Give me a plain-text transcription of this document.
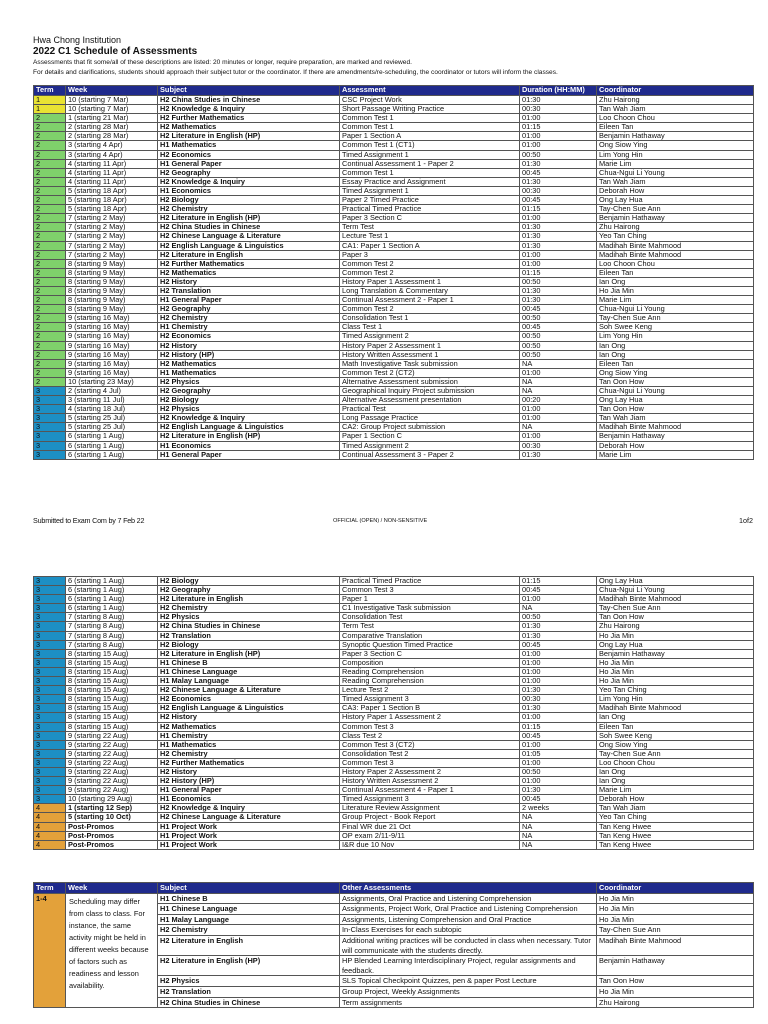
Hwa Chong Institution
2022 C1 Schedule of Assessments
Assessments that fit some/all of these descriptions are listed: 20 minutes or longer, require preparation, are marked and reviewed.
For details and clarifications, students should approach their subject tutor or the coordinator. If there are amendments/re-scheduling, the coordinator or tutors will inform the classes.
Term	Week	Subject	Assessment	Duration (HH:MM)	Coordinator
1	10 (starting 7 Mar)	H2 China Studies in Chinese	CSC Project Work	01:30	Zhu Hairong
1	10 (starting 7 Mar)	H2 Knowledge & Inquiry	Short Passage Writing Practice	00:30	Tan Wah Jiam
2	1 (starting 21 Mar)	H2 Further Mathematics	Common Test 1	01:00	Loo Choon Chou
2	2 (starting 28 Mar)	H2 Mathematics	Common Test 1	01:15	Eileen Tan
2	2 (starting 28 Mar)	H2 Literature in English (HP)	Paper 1 Section A	01:00	Benjamin Hathaway
2	3 (starting 4 Apr)	H1 Mathematics	Common Test 1 (CT1)	01:00	Ong Siow Ying
2	3 (starting 4 Apr)	H2 Economics	Timed Assignment 1	00:50	Lim Yong Hin
2	4 (starting 11 Apr)	H1 General Paper	Continual Assessment 1 - Paper 2	01:30	Marie Lim
2	4 (starting 11 Apr)	H2 Geography	Common Test 1	00:45	Chua-Ngui Li Young
2	4 (starting 11 Apr)	H2 Knowledge & Inquiry	Essay Practice and Assignment	01:30	Tan Wah Jiam
2	5 (starting 18 Apr)	H1 Economics	Timed Assignment 1	00:30	Deborah How
2	5 (starting 18 Apr)	H2 Biology	Paper 2 Timed Practice	00:45	Ong Lay Hua
2	5 (starting 18 Apr)	H2 Chemistry	Practical Timed Practice	01:15	Tay-Chen Sue Ann
2	7 (starting 2 May)	H2 Literature in English (HP)	Paper 3 Section C	01:00	Benjamin Hathaway
2	7 (starting 2 May)	H2 China Studies in Chinese	Term Test	01:30	Zhu Hairong
2	7 (starting 2 May)	H2 Chinese Language & Literature	Lecture Test 1	01:30	Yeo Tan Ching
2	7 (starting 2 May)	H2 English Language & Linguistics	CA1: Paper 1 Section A	01:30	Madihah Binte Mahmood
2	7 (starting 2 May)	H2 Literature in English	Paper 3	01:00	Madihah Binte Mahmood
2	8 (starting 9 May)	H2 Further Mathematics	Common Test 2	01:00	Loo Choon Chou
2	8 (starting 9 May)	H2 Mathematics	Common Test 2	01:15	Eileen Tan
2	8 (starting 9 May)	H2 History	History Paper 1 Assessment 1	00:50	Ian Ong
2	8 (starting 9 May)	H2 Translation	Long Translation & Commentary	01:30	Ho Jia Min
2	8 (starting 9 May)	H1 General Paper	Continual Assessment 2 - Paper 1	01:30	Marie Lim
2	8 (starting 9 May)	H2 Geography	Common Test 2	00:45	Chua-Ngui Li Young
2	9 (starting 16 May)	H2 Chemistry	Consolidation Test 1	00:50	Tay-Chen Sue Ann
2	9 (starting 16 May)	H1 Chemistry	Class Test 1	00:45	Soh Swee Keng
2	9 (starting 16 May)	H2 Economics	Timed Assignment 2	00:50	Lim Yong Hin
2	9 (starting 16 May)	H2 History	History Paper 2 Assessment 1	00:50	Ian Ong
2	9 (starting 16 May)	H2 History (HP)	History Written Assessment 1	00:50	Ian Ong
2	9 (starting 16 May)	H2 Mathematics	Math Investigative Task submission	NA	Eileen Tan
2	9 (starting 16 May)	H1 Mathematics	Common Test 2 (CT2)	01:00	Ong Siow Ying
2	10 (starting 23 May)	H2 Physics	Alternative Assessment submission	NA	Tan Oon How
3	2 (starting 4 Jul)	H2 Geography	Geographical Inquiry Project submission	NA	Chua-Ngui Li Young
3	3 (starting 11 Jul)	H2 Biology	Alternative Assessment presentation	00:20	Ong Lay Hua
3	4 (starting 18 Jul)	H2 Physics	Practical Test	01:00	Tan Oon How
3	5 (starting 25 Jul)	H2 Knowledge & Inquiry	Long Passage Practice	01:00	Tan Wah Jiam
3	5 (starting 25 Jul)	H2 English Language & Linguistics	CA2: Group Project submission	NA	Madihah Binte Mahmood
3	6 (starting 1 Aug)	H2 Literature in English (HP)	Paper 1 Section C	01:00	Benjamin Hathaway
3	6 (starting 1 Aug)	H1 Economics	Timed Assignment 2	00:30	Deborah How
3	6 (starting 1 Aug)	H1 General Paper	Continual Assessment 3 - Paper 2	01:30	Marie Lim
Submitted to Exam Com by 7 Feb 22	OFFICIAL (OPEN) / NON-SENSITIVE	1of2
3	6 (starting 1 Aug)	H2 Biology	Practical Timed Practice	01:15	Ong Lay Hua
3	6 (starting 1 Aug)	H2 Geography	Common Test 3	00:45	Chua-Ngui Li Young
3	6 (starting 1 Aug)	H2 Literature in English	Paper 1	01:00	Madihah Binte Mahmood
3	6 (starting 1 Aug)	H2 Chemistry	C1 Investigative Task submission	NA	Tay-Chen Sue Ann
3	7 (starting 8 Aug)	H2 Physics	Consolidation Test	00:50	Tan Oon How
3	7 (starting 8 Aug)	H2 China Studies in Chinese	Term Test	01:30	Zhu Hairong
3	7 (starting 8 Aug)	H2 Translation	Comparative Translation	01:30	Ho Jia Min
3	7 (starting 8 Aug)	H2 Biology	Synoptic Question Timed Practice	00:45	Ong Lay Hua
3	8 (starting 15 Aug)	H2 Literature in English (HP)	Paper 3 Section C	01:00	Benjamin Hathaway
3	8 (starting 15 Aug)	H1 Chinese B	Composition	01:00	Ho Jia Min
3	8 (starting 15 Aug)	H1 Chinese Language	Reading Comprehension	01:00	Ho Jia Min
3	8 (starting 15 Aug)	H1 Malay Language	Reading Comprehension	01:00	Ho Jia Min
3	8 (starting 15 Aug)	H2 Chinese Language & Literature	Lecture Test 2	01:30	Yeo Tan Ching
3	8 (starting 15 Aug)	H2 Economics	Timed Assignment 3	00:30	Lim Yong Hin
3	8 (starting 15 Aug)	H2 English Language & Linguistics	CA3: Paper 1 Section B	01:30	Madihah Binte Mahmood
3	8 (starting 15 Aug)	H2 History	History Paper 1 Assessment 2	01:00	Ian Ong
3	8 (starting 15 Aug)	H2 Mathematics	Common Test 3	01:15	Eileen Tan
3	9 (starting 22 Aug)	H1 Chemistry	Class Test 2	00:45	Soh Swee Keng
3	9 (starting 22 Aug)	H1 Mathematics	Common Test 3 (CT2)	01:00	Ong Siow Ying
3	9 (starting 22 Aug)	H2 Chemistry	Consolidation Test 2	01:05	Tay-Chen Sue Ann
3	9 (starting 22 Aug)	H2 Further Mathematics	Common Test 3	01:00	Loo Choon Chou
3	9 (starting 22 Aug)	H2 History	History Paper 2 Assessment 2	00:50	Ian Ong
3	9 (starting 22 Aug)	H2 History (HP)	History Written Assessment 2	01:00	Ian Ong
3	9 (starting 22 Aug)	H1 General Paper	Continual Assessment 4 - Paper 1	01:30	Marie Lim
3	10 (starting 29 Aug)	H1 Economics	Timed Assignment 3	00:45	Deborah How
4	1 (starting 12 Sep)	H2 Knowledge & Inquiry	Literature Review Assignment	2 weeks	Tan Wah Jiam
4	5 (starting 10 Oct)	H2 Chinese Language & Literature	Group Project - Book Report	NA	Yeo Tan Ching
4	Post-Promos	H1 Project Work	Final WR due 21 Oct	NA	Tan Keng Hwee
4	Post-Promos	H1 Project Work	OP exam 2/11-9/11	NA	Tan Keng Hwee
4	Post-Promos	H1 Project Work	I&R due 10 Nov	NA	Tan Keng Hwee
Term	Week	Subject	Other Assessments	Coordinator
1-4	Scheduling may differ from class to class. For instance, the same activity might be held in different weeks because of factors such as readiness and lesson availability.	H1 Chinese B	Assignments, Oral Practice and Listening Comprehension	Ho Jia Min
		H1 Chinese Language	Assignments, Project Work, Oral Practice and Listening Comprehension	Ho Jia Min
		H1 Malay Language	Assignments, Listening Comprehension and Oral Practice	Ho Jia Min
		H2 Chemistry	In-Class Exercises for each subtopic	Tay-Chen Sue Ann
		H2 Literature in English	Additional writing practices will be conducted in class when necessary. Tutor will communicate with the students directly.	Madihah Binte Mahmood
		H2 Literature in English (HP)	HP Blended Learning Interdisciplinary Project, regular assignments and feedback.	Benjamin Hathaway
		H2 Physics	SLS Topical Checkpoint Quizzes, pen & paper Post Lecture	Tan Oon How
		H2 Translation	Group Project, Weekly Assignments	Ho Jia Min
		H2 China Studies in Chinese	Term assignments	Zhu Hairong
